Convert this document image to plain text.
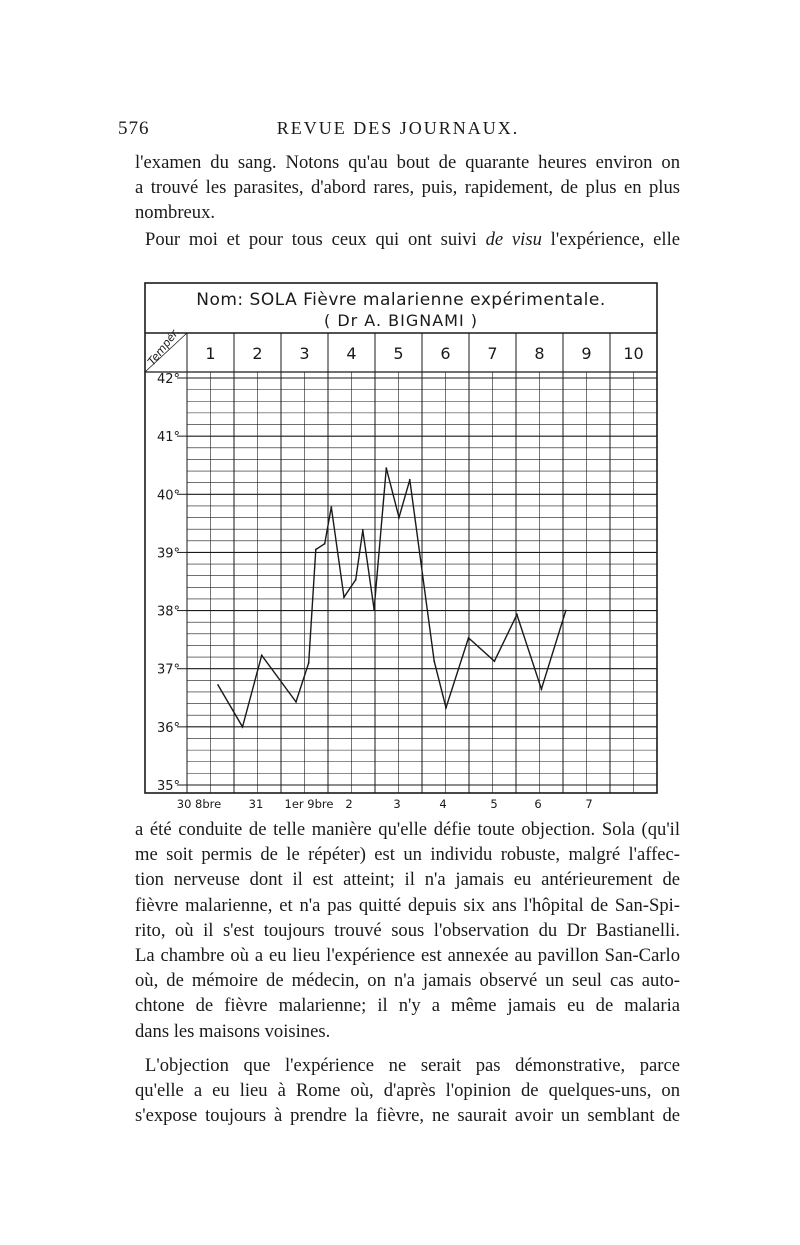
576	REVUE DES JOURNAUX.
l'examen du sang. Notons qu'au bout de quarante heures environ on
a trouvé les parasites, d'abord rares, puis, rapidement, de plus en plus
nombreux.
Pour moi et pour tous ceux qui ont suivi de visu l'expérience, elle
Nom: SOLA Fièvre malarienne expérimentale.
( Dr A. BIGNAMI )
Tempér. 1 2 3 4 5 6 7 8 9 10
42°
41°
40°
39°
38°
37°
36°
35°
30 8bre 31 1er 9bre 2	3	4	5	6	7
a été conduite de telle manière qu'elle défie toute objection. Sola (qu'il
me soit permis de le répéter) est un individu robuste, malgré l'affec-
tion nerveuse dont il est atteint; il n'a jamais eu antérieurement de
fièvre malarienne, et n'a pas quitté depuis six ans l'hôpital de San-Spi-
rito, où il s'est toujours trouvé sous l'observation du Dr Bastianelli.
La chambre où a eu lieu l'expérience est annexée au pavillon San-Carlo
où, de mémoire de médecin, on n'a jamais observé un seul cas auto-
chtone de fièvre malarienne; il n'y a même jamais eu de malaria
dans les maisons voisines.
L'objection que l'expérience ne serait pas démonstrative, parce
qu'elle a eu lieu à Rome où, d'après l'opinion de quelques-uns, on
s'expose toujours à prendre la fièvre, ne saurait avoir un semblant de
